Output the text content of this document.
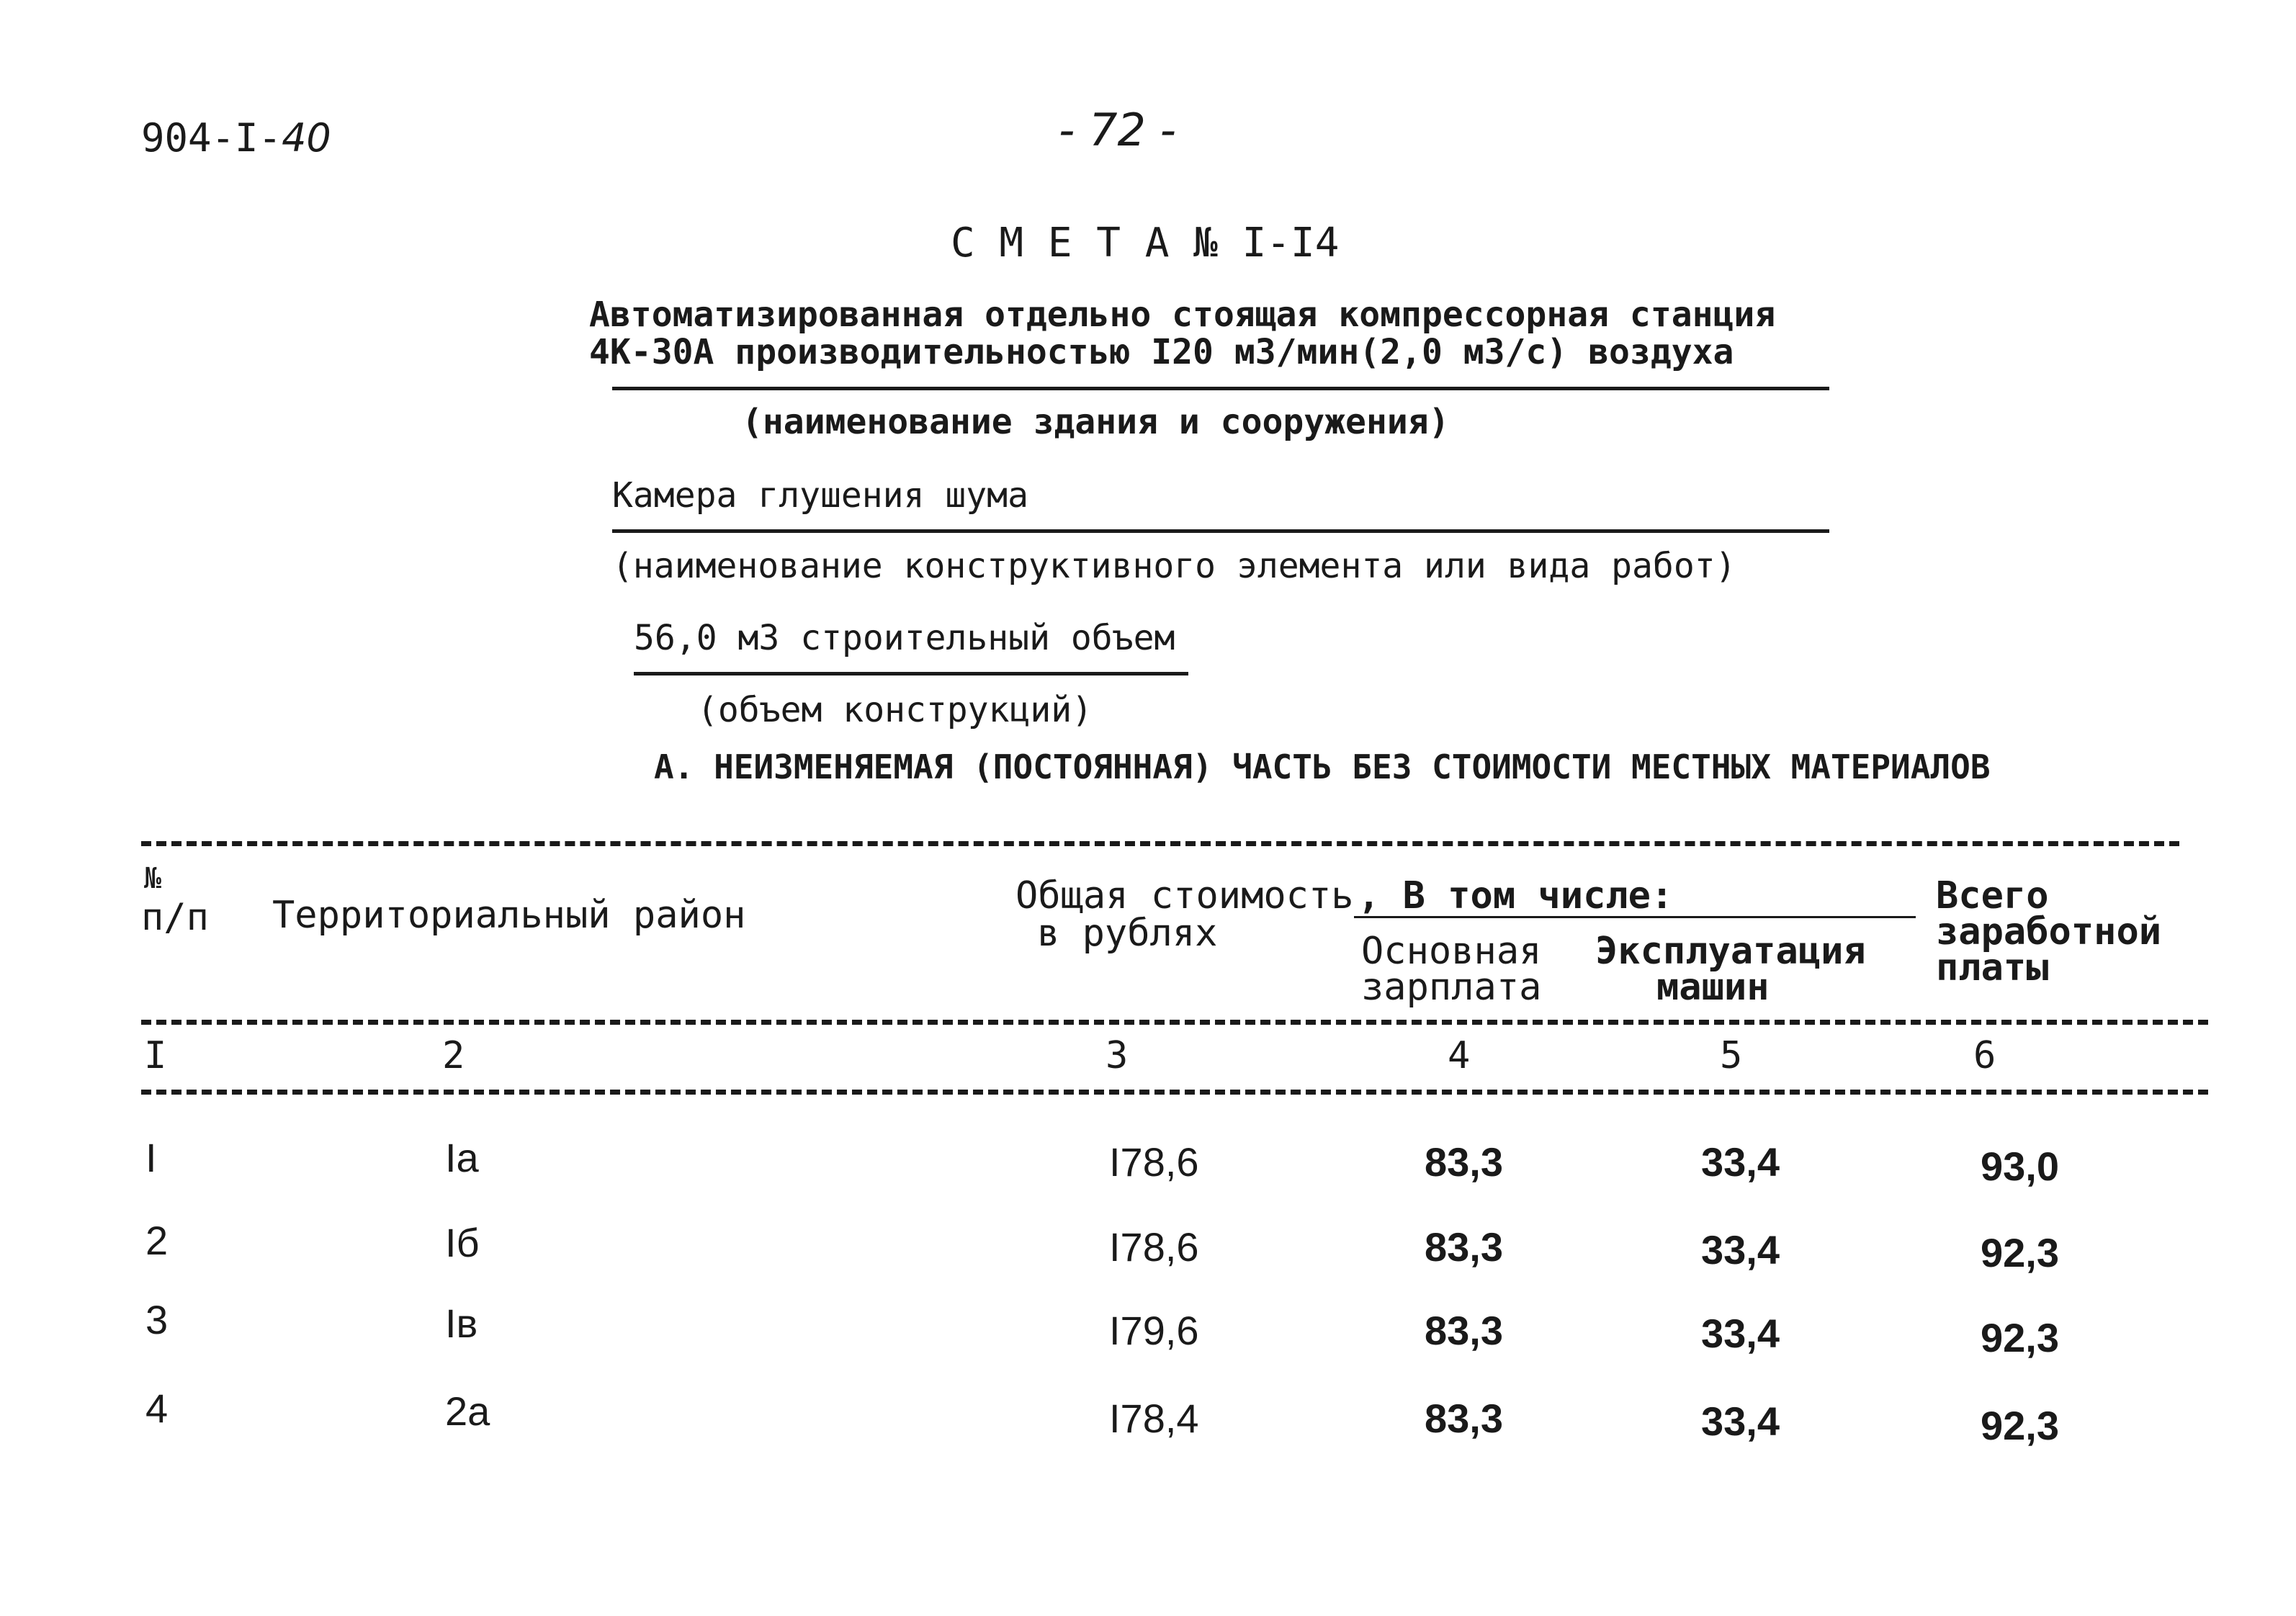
904-I-40	- 72 -
С М Е Т А № I-I4
Автоматизированная отдельно стоящая компрессорная станция
4К-30А производительностью I20 м3/мин(2,0 м3/с) воздуха
(наименование здания и сооружения)
Камера глушения шума
(наименование конструктивного элемента или вида работ)
56,0 м3 строительный объем
(объем конструкций)
А. НЕИЗМЕНЯЕМАЯ (ПОСТОЯННАЯ) ЧАСТЬ БЕЗ СТОИМОСТИ МЕСТНЫХ МАТЕРИАЛОВ
№
п/п Территориальный район	Общая стоимость
в рублях
, В том числе:
Основная
зарплата
Эксплуатация
машин
Всего
заработной
платы
I	2	3	4	5	6
I	Iа	I78,6	83,3	33,4	93,0
2	Iб	I78,6	83,3	33,4	92,3
3	Iв	I79,6	83,3	33,4	92,3
4	2а	I78,4	83,3	33,4	92,3
